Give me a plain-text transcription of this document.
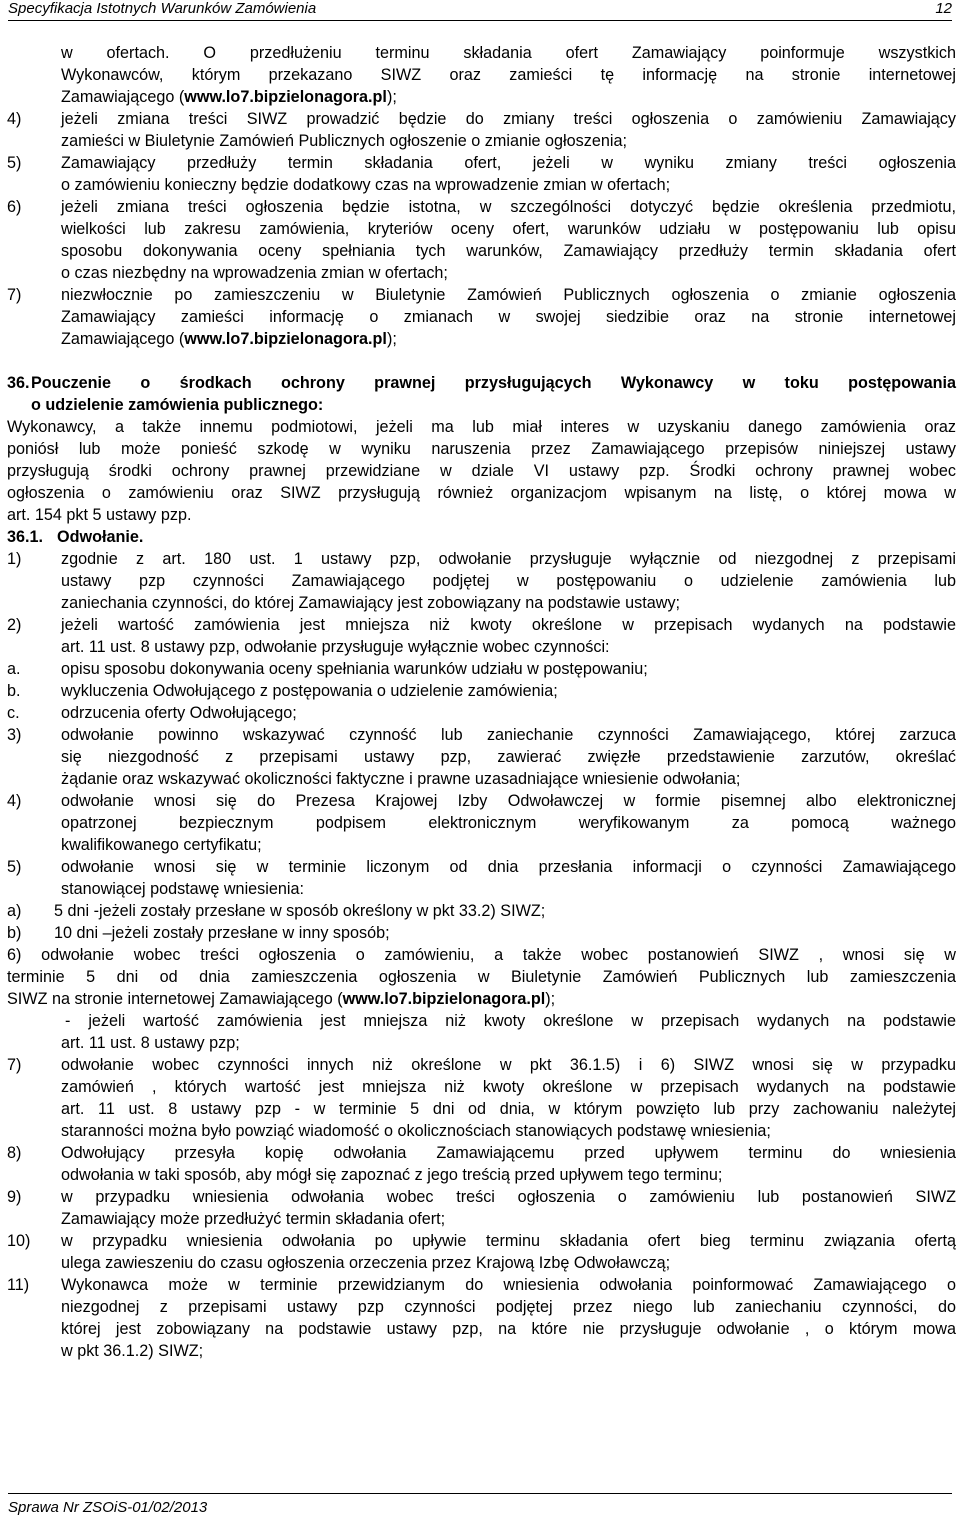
Specyfikacja Istotnych Warunków Zamówienia	12
w ofertach. O przedłużeniu terminu składania ofert Zamawiający poinformuje wszystkich
Wykonawców, którym przekazano SIWZ oraz zamieści tę informację na stronie internetowej
Zamawiającego (www.lo7.bipzielonagora.pl);
4) jeżeli zmiana treści SIWZ prowadzić będzie do zmiany treści ogłoszenia o zamówieniu Zamawiający
zamieści w Biuletynie Zamówień Publicznych ogłoszenie o zmianie ogłoszenia;
5) Zamawiający przedłuży termin składania ofert, jeżeli w wyniku zmiany treści ogłoszenia
o zamówieniu konieczny będzie dodatkowy czas na wprowadzenie zmian w ofertach;
6) jeżeli zmiana treści ogłoszenia będzie istotna, w szczególności dotyczyć będzie określenia przedmiotu,
wielkości lub zakresu zamówienia, kryteriów oceny ofert, warunków udziału w postępowaniu lub opisu
sposobu dokonywania oceny spełniania tych warunków, Zamawiający przedłuży termin składania ofert
o czas niezbędny na wprowadzenia zmian w ofertach;
7) niezwłocznie po zamieszczeniu w Biuletynie Zamówień Publicznych ogłoszenia o zmianie ogłoszenia
Zamawiający zamieści informację o zmianach w swojej siedzibie oraz na stronie internetowej
Zamawiającego (www.lo7.bipzielonagora.pl);
36. Pouczenie o środkach ochrony prawnej przysługujących Wykonawcy w toku postępowania
o udzielenie zamówienia publicznego:
Wykonawcy, a także innemu podmiotowi, jeżeli ma lub miał interes w uzyskaniu danego zamówienia oraz
poniósł lub może ponieść szkodę w wyniku naruszenia przez Zamawiającego przepisów niniejszej ustawy
przysługują środki ochrony prawnej przewidziane w dziale VI ustawy pzp. Środki ochrony prawnej wobec
ogłoszenia o zamówieniu oraz SIWZ przysługują również organizacjom wpisanym na listę, o której mowa w
art. 154 pkt 5 ustawy pzp.
36.1. Odwołanie.
1) zgodnie z art. 180 ust. 1 ustawy pzp, odwołanie przysługuje wyłącznie od niezgodnej z przepisami
ustawy pzp czynności Zamawiającego podjętej w postępowaniu o udzielenie zamówienia lub
zaniechania czynności, do której Zamawiający jest zobowiązany na podstawie ustawy;
2) jeżeli wartość zamówienia jest mniejsza niż kwoty określone w przepisach wydanych na podstawie
art. 11 ust. 8 ustawy pzp, odwołanie przysługuje wyłącznie wobec czynności:
a. opisu sposobu dokonywania oceny spełniania warunków udziału w postępowaniu;
b. wykluczenia Odwołującego z postępowania o udzielenie zamówienia;
c.	odrzucenia oferty Odwołującego;
3) odwołanie powinno wskazywać czynność lub zaniechanie czynności Zamawiającego, której zarzuca
się niezgodność z przepisami ustawy pzp, zawierać zwięzłe przedstawienie zarzutów, określać
żądanie oraz wskazywać okoliczności faktyczne i prawne uzasadniające wniesienie odwołania;
4) odwołanie wnosi się do Prezesa Krajowej Izby Odwoławczej w formie pisemnej albo elektronicznej
opatrzonej bezpiecznym podpisem elektronicznym weryfikowanym za pomocą ważnego
kwalifikowanego certyfikatu;
5) odwołanie wnosi się w terminie liczonym od dnia przesłania informacji o czynności Zamawiającego
stanowiącej podstawę wniesienia:
a) 5 dni -jeżeli zostały przesłane w sposób określony w pkt 33.2) SIWZ;
b) 10 dni –jeżeli zostały przesłane w inny sposób;
6) odwołanie wobec treści ogłoszenia o zamówieniu, a także wobec postanowień SIWZ , wnosi się w
terminie 5 dni od dnia zamieszczenia ogłoszenia w Biuletynie Zamówień Publicznych lub zamieszczenia
SIWZ na stronie internetowej Zamawiającego (www.lo7.bipzielonagora.pl);
- jeżeli wartość zamówienia jest mniejsza niż kwoty określone w przepisach wydanych na podstawie
art. 11 ust. 8 ustawy pzp;
7) odwołanie wobec czynności innych niż określone w pkt 36.1.5) i 6) SIWZ wnosi się w przypadku
zamówień , których wartość jest mniejsza niż kwoty określone w przepisach wydanych na podstawie
art. 11 ust. 8 ustawy pzp - w terminie 5 dni od dnia, w którym powzięto lub przy zachowaniu należytej
staranności można było powziąć wiadomość o okolicznościach stanowiących podstawę wniesienia;
8) Odwołujący przesyła kopię odwołania Zamawiającemu przed upływem terminu do wniesienia
odwołania w taki sposób, aby mógł się zapoznać z jego treścią przed upływem tego terminu;
9) w przypadku wniesienia odwołania wobec treści ogłoszenia o zamówieniu lub postanowień SIWZ
Zamawiający może przedłużyć termin składania ofert;
10) w przypadku wniesienia odwołania po upływie terminu składania ofert bieg terminu związania ofertą
ulega zawieszeniu do czasu ogłoszenia orzeczenia przez Krajową Izbę Odwoławczą;
11) Wykonawca może w terminie przewidzianym do wniesienia odwołania poinformować Zamawiającego o
niezgodnej z przepisami ustawy pzp czynności podjętej przez niego lub zaniechaniu czynności, do
której jest zobowiązany na podstawie ustawy pzp, na które nie przysługuje odwołanie , o którym mowa
w pkt 36.1.2) SIWZ;
Sprawa Nr ZSOiS-01/02/2013
